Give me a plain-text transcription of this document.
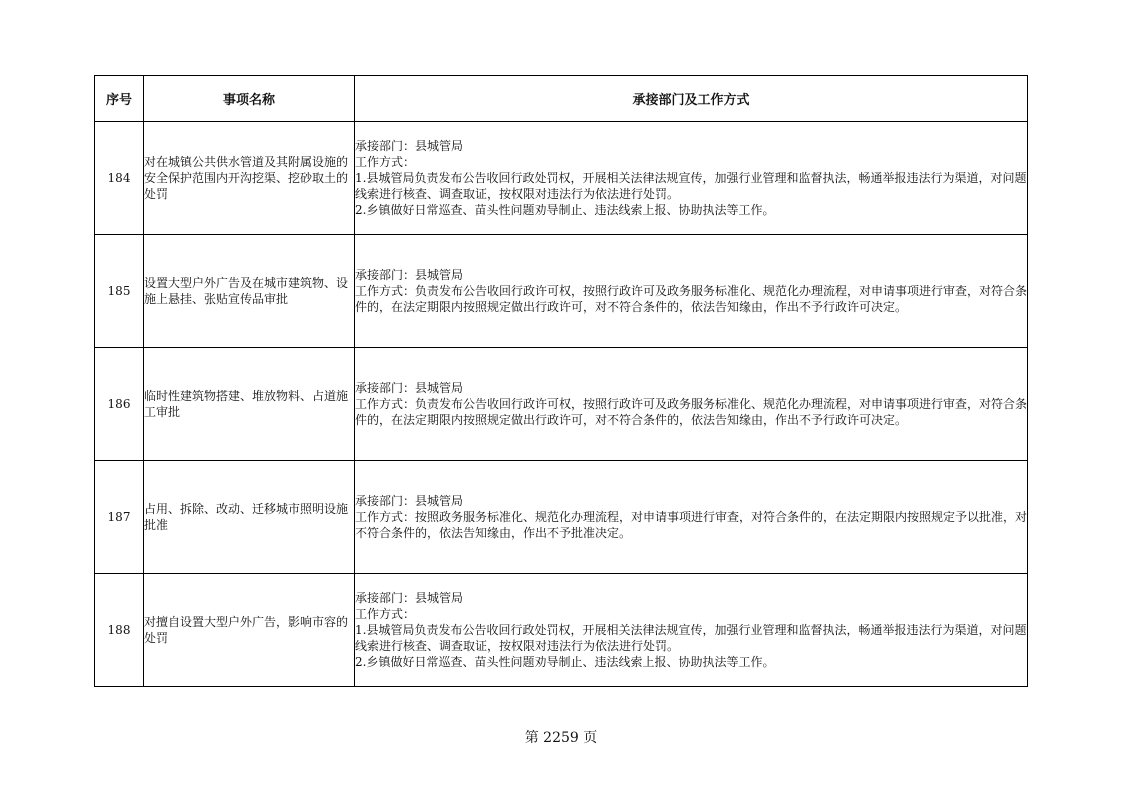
序号	事项名称	承接部门及工作方式
184	对在城镇公共供水管道及其附属设施的安全保护范围内开沟挖渠、挖砂取土的处罚	承接部门：县城管局
工作方式：
1.县城管局负责发布公告收回行政处罚权，开展相关法律法规宣传，加强行业管理和监督执法，畅通举报违法行为渠道，对问题线索进行核查、调查取证，按权限对违法行为依法进行处罚。
2.乡镇做好日常巡查、苗头性问题劝导制止、违法线索上报、协助执法等工作。

185	设置大型户外广告及在城市建筑物、设施上悬挂、张贴宣传品审批	承接部门：县城管局
工作方式：负责发布公告收回行政许可权，按照行政许可及政务服务标准化、规范化办理流程，对申请事项进行审查，对符合条件的，在法定期限内按照规定做出行政许可，对不符合条件的，依法告知缘由，作出不予行政许可决定。

186	临时性建筑物搭建、堆放物料、占道施工审批	承接部门：县城管局
工作方式：负责发布公告收回行政许可权，按照行政许可及政务服务标准化、规范化办理流程，对申请事项进行审查，对符合条件的，在法定期限内按照规定做出行政许可，对不符合条件的，依法告知缘由，作出不予行政许可决定。

187	占用、拆除、改动、迁移城市照明设施批准	承接部门：县城管局
工作方式：按照政务服务标准化、规范化办理流程，对申请事项进行审查，对符合条件的，在法定期限内按照规定予以批准，对不符合条件的，依法告知缘由，作出不予批准决定。

188	对擅自设置大型户外广告，影响市容的处罚	承接部门：县城管局
工作方式：
1.县城管局负责发布公告收回行政处罚权，开展相关法律法规宣传，加强行业管理和监督执法，畅通举报违法行为渠道，对问题线索进行核查、调查取证，按权限对违法行为依法进行处罚。
2.乡镇做好日常巡查、苗头性问题劝导制止、违法线索上报、协助执法等工作。
第 2259 页
